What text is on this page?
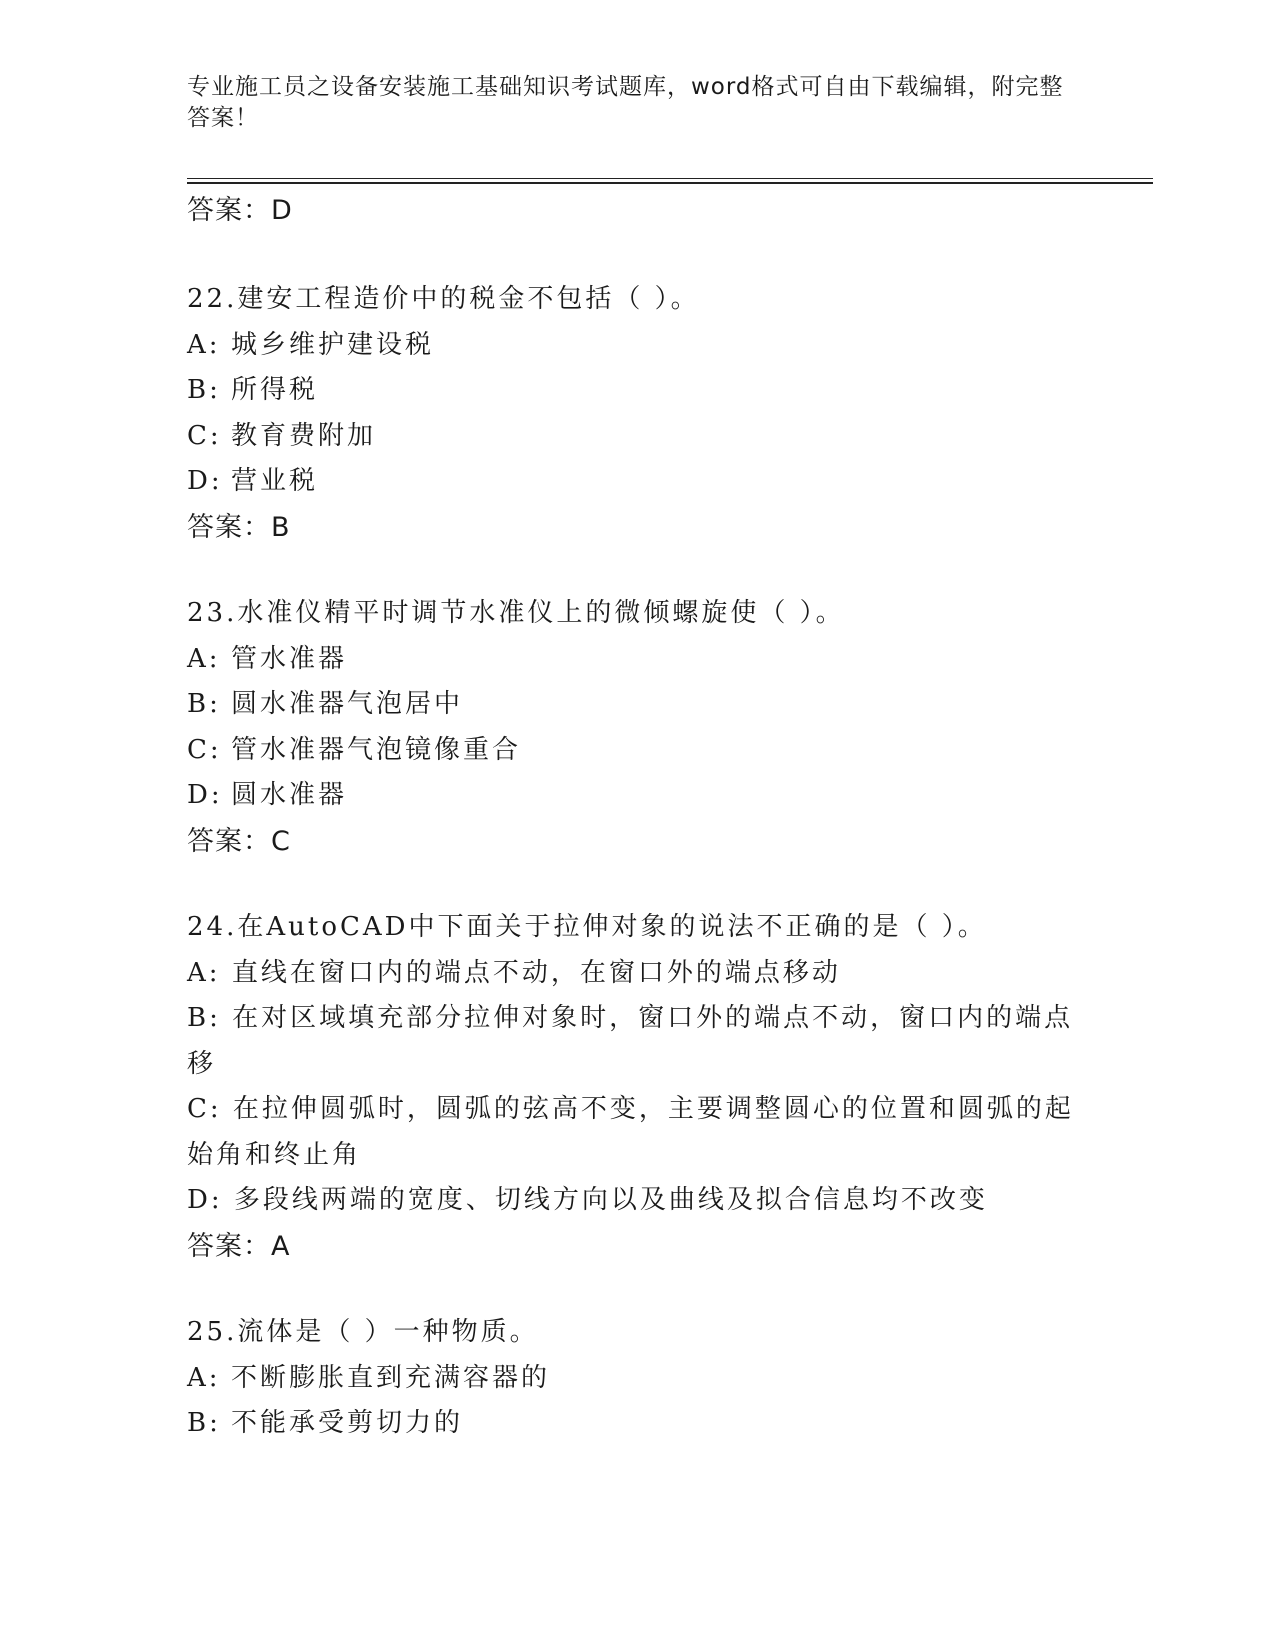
专业施工员之设备安装施工基础知识考试题库，word格式可自由下载编辑，附完整答案！
答案：D
22.建安工程造价中的税金不包括（ ）。
A: 城乡维护建设税
B: 所得税
C: 教育费附加
D: 营业税
答案：B
23.水准仪精平时调节水准仪上的微倾螺旋使（ ）。
A: 管水准器
B: 圆水准器气泡居中
C: 管水准器气泡镜像重合
D: 圆水准器
答案：C
24.在AutoCAD中下面关于拉伸对象的说法不正确的是（ ）。
A: 直线在窗口内的端点不动，在窗口外的端点移动
B: 在对区域填充部分拉伸对象时，窗口外的端点不动，窗口内的端点移
C: 在拉伸圆弧时，圆弧的弦高不变，主要调整圆心的位置和圆弧的起始角和终止角
D: 多段线两端的宽度、切线方向以及曲线及拟合信息均不改变
答案：A
25.流体是（ ）一种物质。
A: 不断膨胀直到充满容器的
B: 不能承受剪切力的
